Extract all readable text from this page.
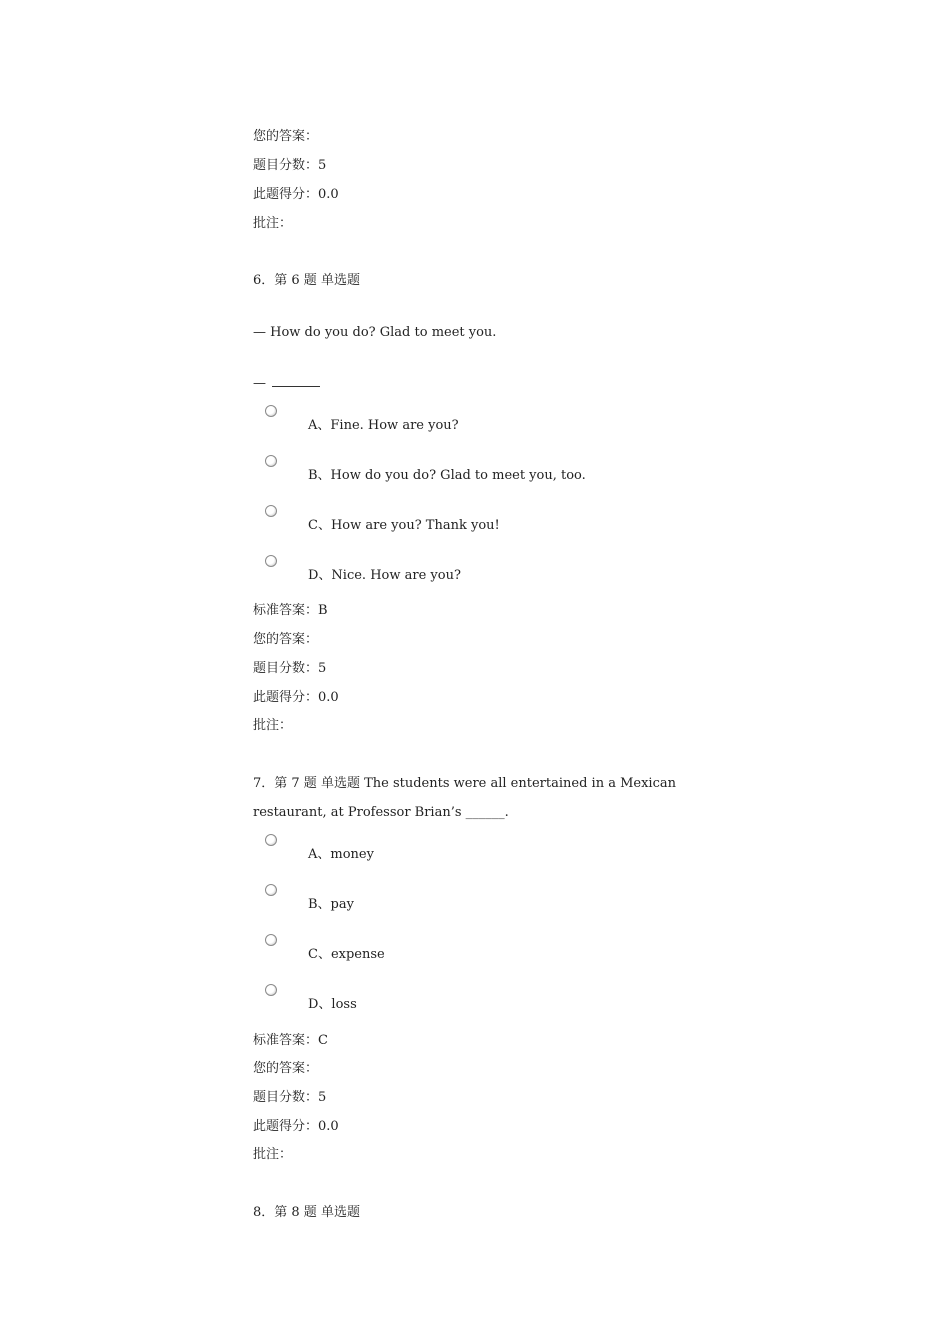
您的答案：
题目分数：5
此题得分：0.0
批注：
6．第 6 题 单选题
— How do you do? Glad to meet you.
—
A、Fine. How are you?
B、How do you do? Glad to meet you, too.
C、How are you? Thank you!
D、Nice. How are you?
标准答案：B
您的答案：
题目分数：5
此题得分：0.0
批注：
7．第 7 题 单选题 The students were all entertained in a Mexican
restaurant, at Professor Brian’s ______.
A、money
B、pay
C、expense
D、loss
标准答案：C
您的答案：
题目分数：5
此题得分：0.0
批注：
8．第 8 题 单选题
